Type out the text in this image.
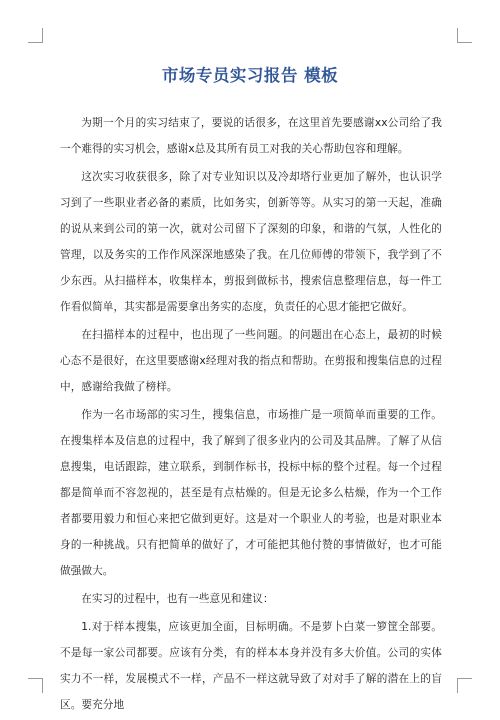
市场专员实习报告 模板

为期一个月的实习结束了，要说的话很多，在这里首先要感谢xx公司给了我一个难得的实习机会，感谢x总及其所有员工对我的关心帮助包容和理解。

这次实习收获很多，除了对专业知识以及冷却塔行业更加了解外，也认识学习到了一些职业者必备的素质，比如务实，创新等等。从实习的第一天起，准确的说从来到公司的第一次，就对公司留下了深刻的印象，和谐的气氛，人性化的管理，以及务实的工作作风深深地感染了我。在几位师傅的带领下，我学到了不少东西。从扫描样本，收集样本，剪报到做标书，搜索信息整理信息，每一件工作看似简单，其实都是需要拿出务实的态度，负责任的心思才能把它做好。

在扫描样本的过程中，也出现了一些问题。的问题出在心态上，最初的时候心态不是很好，在这里要感谢x经理对我的指点和帮助。在剪报和搜集信息的过程中，感谢给我做了榜样。

作为一名市场部的实习生，搜集信息，市场推广是一项简单而重要的工作。在搜集样本及信息的过程中，我了解到了很多业内的公司及其品牌。了解了从信息搜集，电话跟踪，建立联系，到制作标书，投标中标的整个过程。每一个过程都是简单而不容忽视的，甚至是有点枯燥的。但是无论多么枯燥，作为一个工作者都要用毅力和恒心来把它做到更好。这是对一个职业人的考验，也是对职业本身的一种挑战。只有把简单的做好了，才可能把其他付赞的事情做好，也才可能做强做大。

在实习的过程中，也有一些意见和建议：

1.对于样本搜集，应该更加全面，目标明确。不是萝卜白菜一箩筐全部要。不是每一家公司都要。应该有分类，有的样本本身并没有多大价值。公司的实体实力不一样，发展模式不一样，产品不一样这就导致了对对手了解的潜在上的盲区。要充分地
